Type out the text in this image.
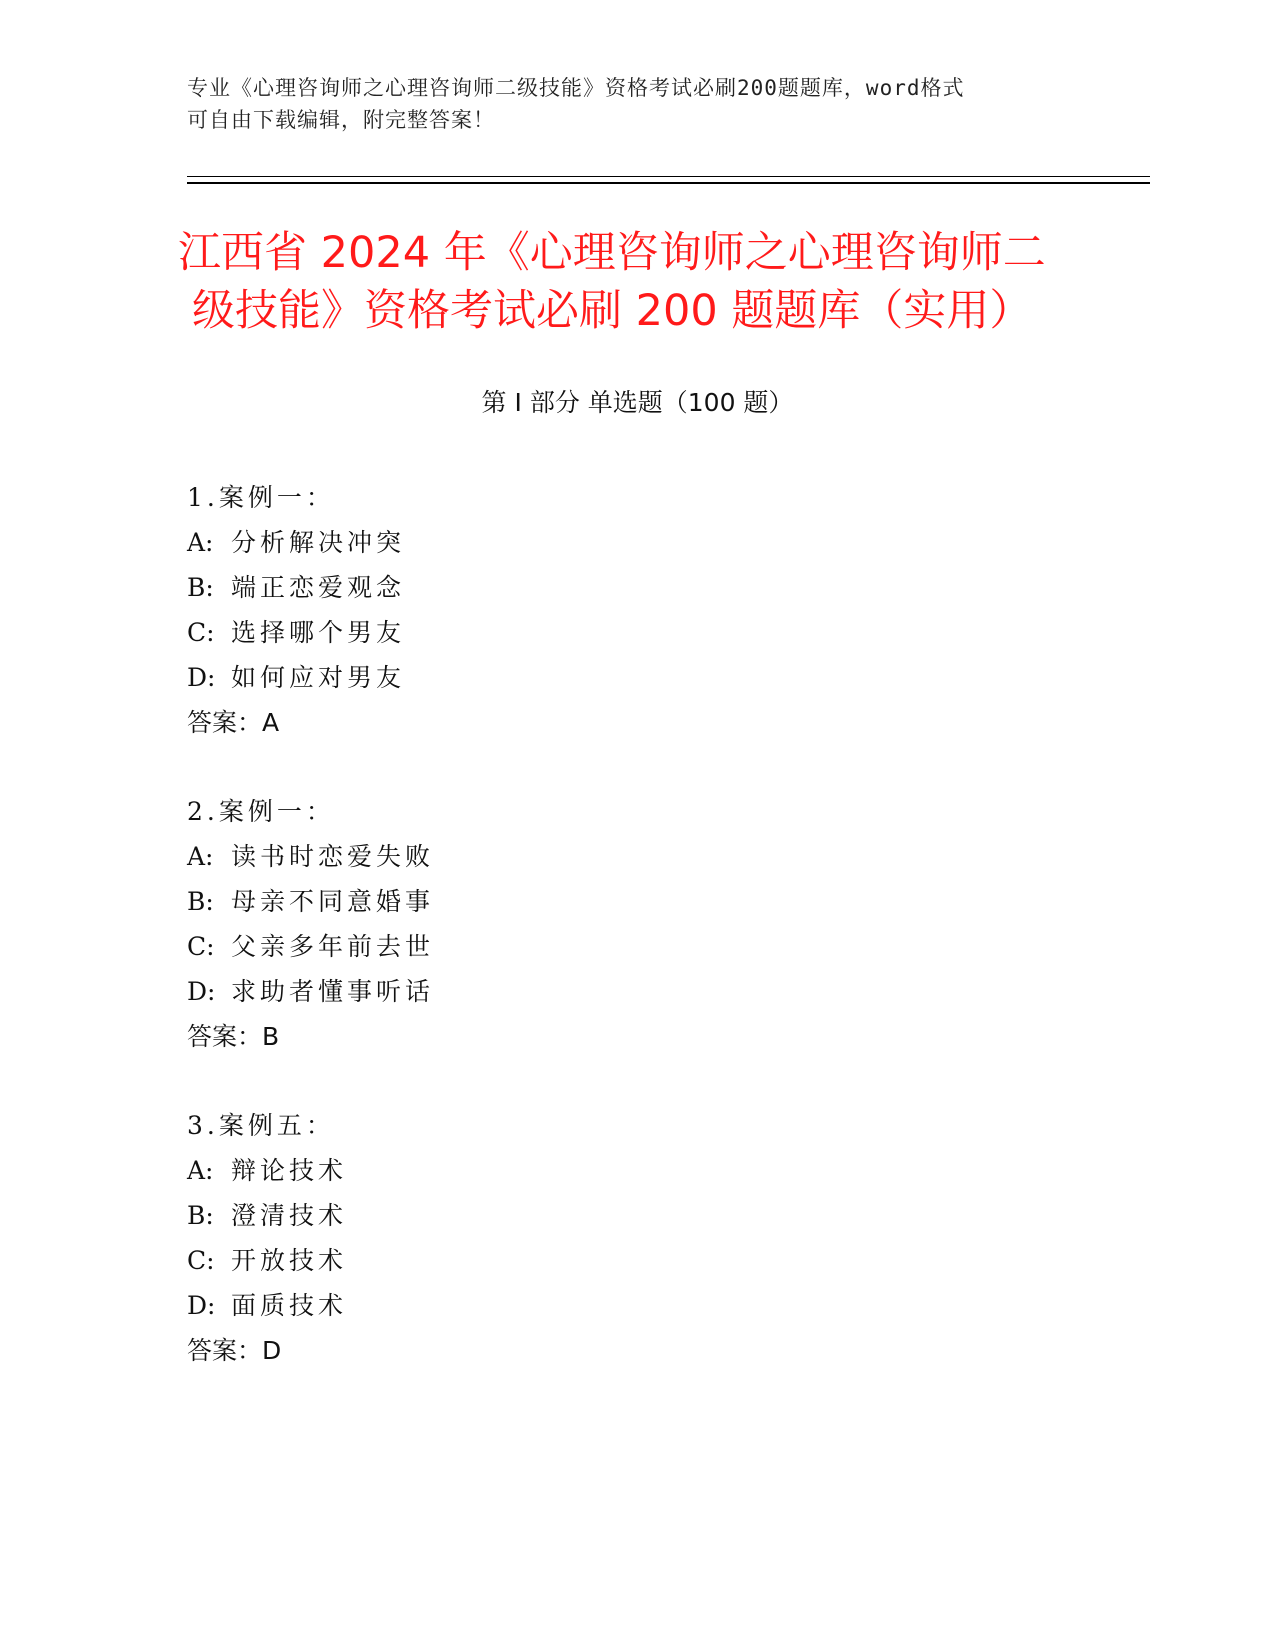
专业《心理咨询师之心理咨询师二级技能》资格考试必刷200题题库，word格式
可自由下载编辑，附完整答案！
江西省 2024 年《心理咨询师之心理咨询师二
级技能》资格考试必刷 200 题题库（实用）
第 I 部分 单选题（100 题）
1.案例一：
A: 分析解决冲突
B: 端正恋爱观念
C: 选择哪个男友
D: 如何应对男友
答案：A
2.案例一：
A: 读书时恋爱失败
B: 母亲不同意婚事
C: 父亲多年前去世
D: 求助者懂事听话
答案：B
3.案例五：
A: 辩论技术
B: 澄清技术
C: 开放技术
D: 面质技术
答案：D
